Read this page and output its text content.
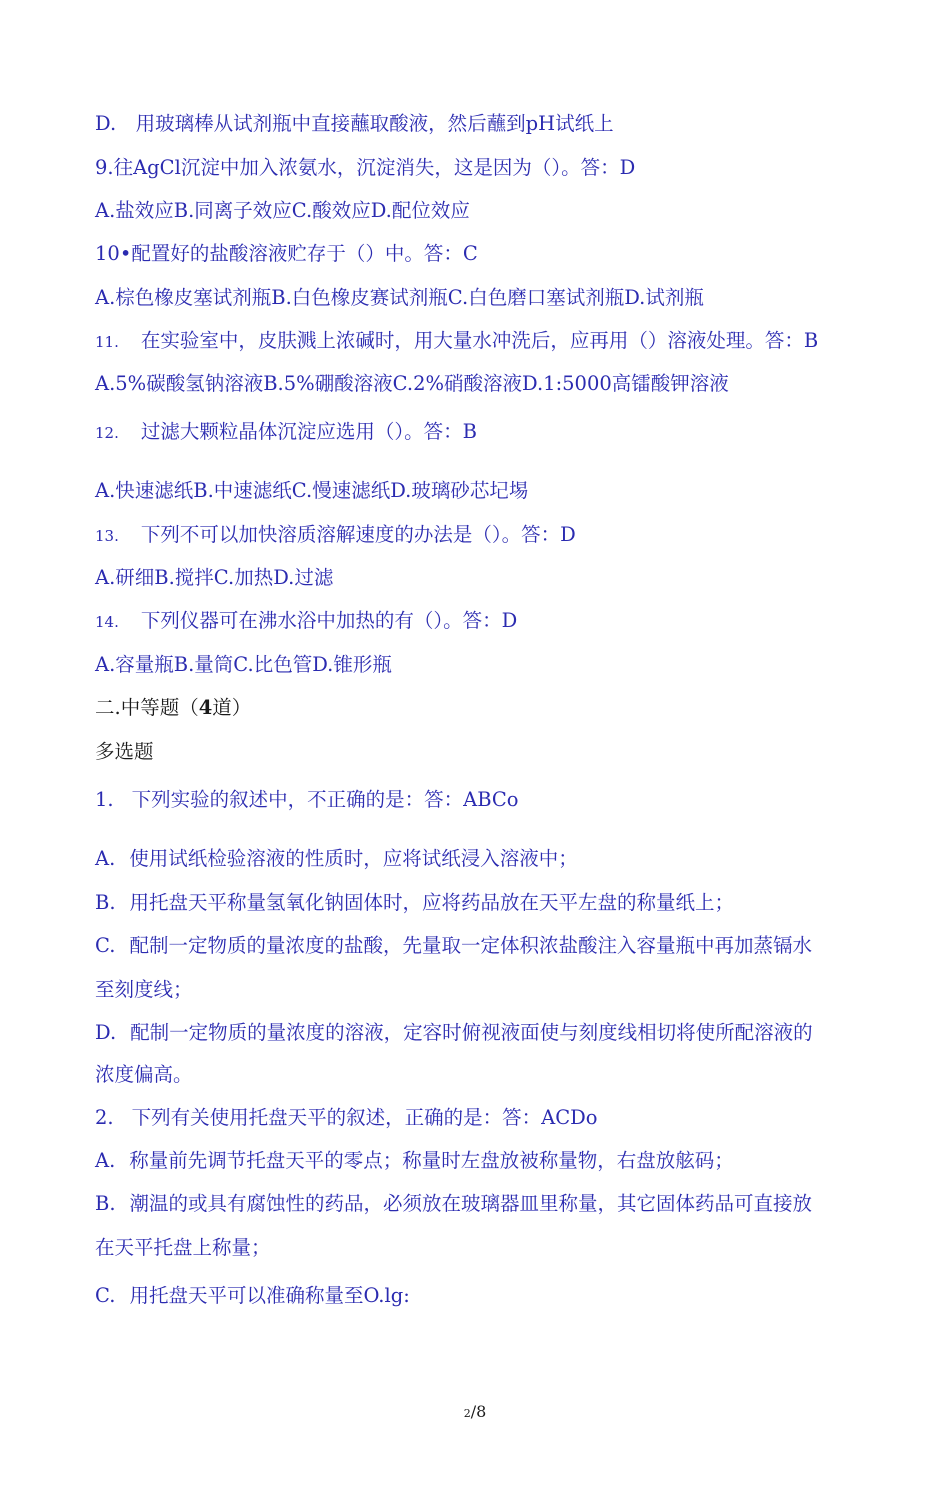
D.　用玻璃棒从试剂瓶中直接蘸取酸液，然后蘸到pH试纸上
9.往AgCl沉淀中加入浓氨水，沉淀消失，这是因为（）。答：D
A.盐效应B.同离子效应C.酸效应D.配位效应
10•配置好的盐酸溶液贮存于（）中。答：C
A.棕色橡皮塞试剂瓶B.白色橡皮赛试剂瓶C.白色磨口塞试剂瓶D.试剂瓶
11. 在实验室中，皮肤溅上浓碱时，用大量水冲洗后，应再用（）溶液处理。答：B
A.5%碳酸氢钠溶液B.5%硼酸溶液C.2%硝酸溶液D.1:5000高镭酸钾溶液
12. 过滤大颗粒晶体沉淀应选用（）。答：B
A.快速滤纸B.中速滤纸C.慢速滤纸D.玻璃砂芯圮埸
13. 下列不可以加快溶质溶解速度的办法是（）。答：D
A.研细B.搅拌C.加热D.过滤
14. 下列仪器可在沸水浴中加热的有（）。答：D
A.容量瓶B.量筒C.比色管D.锥形瓶
二.中等题（4道）
多选题
1. 下列实验的叙述中，不正确的是：答：ABCo
A. 使用试纸检验溶液的性质时，应将试纸浸入溶液中；
B. 用托盘天平称量氢氧化钠固体时，应将药品放在天平左盘的称量纸上；
C. 配制一定物质的量浓度的盐酸，先量取一定体积浓盐酸注入容量瓶中再加蒸镉水
至刻度线；
D. 配制一定物质的量浓度的溶液，定容时俯视液面使与刻度线相切将使所配溶液的
浓度偏高。
2. 下列有关使用托盘天平的叙述，正确的是：答：ACDo
A. 称量前先调节托盘天平的零点；称量时左盘放被称量物，右盘放舷码；
B. 潮温的或具有腐蚀性的药品，必须放在玻璃器皿里称量，其它固体药品可直接放
在天平托盘上称量；
C. 用托盘天平可以准确称量至O.lg:
2/8
